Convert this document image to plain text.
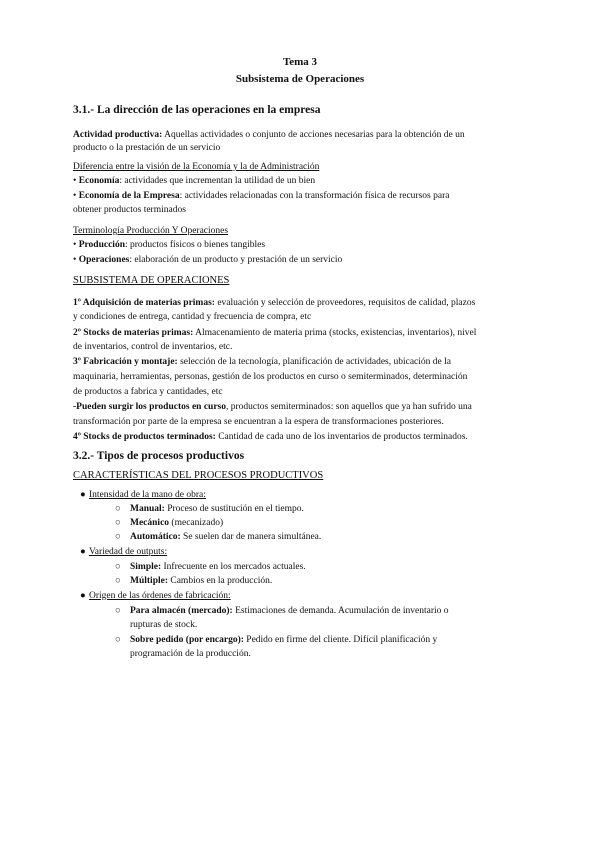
Tema 3
Subsistema de Operaciones
3.1.- La dirección de las operaciones en la empresa
Actividad productiva: Aquellas actividades o conjunto de acciones necesarias para la obtención de un
producto o la prestación de un servicio
Diferencia entre la visión de la Economía y la de Administración
• Economía: actividades que incrementan la utilidad de un bien
• Economía de la Empresa: actividades relacionadas con la transformación física de recursos para
obtener productos terminados
Terminología Producción Y Operaciones
• Producción: productos físicos o bienes tangibles
• Operaciones: elaboración de un producto y prestación de un servicio
SUBSISTEMA DE OPERACIONES
1º Adquisición de materias primas: evaluación y selección de proveedores, requisitos de calidad, plazos
y condiciones de entrega, cantidad y frecuencia de compra, etc
2º Stocks de materias primas: Almacenamiento de materia prima (stocks, existencias, inventarios), nivel
de inventarios, control de inventarios, etc.
3º Fabricación y montaje: selección de la tecnología, planificación de actividades, ubicación de la
maquinaria, herramientas, personas, gestión de los productos en curso o semiterminados, determinación
de productos a fabrica y cantidades, etc
-Pueden surgir los productos en curso, productos semiterminados: son aquellos que ya han sufrido una
transformación por parte de la empresa se encuentran a la espera de transformaciones posteriores.
4º Stocks de productos terminados: Cantidad de cada uno de los inventarios de productos terminados.
3.2.- Tipos de procesos productivos
CARACTERÍSTICAS DEL PROCESOS PRODUCTIVOS
● Intensidad de la mano de obra:
○ Manual: Proceso de sustitución en el tiempo.
○ Mecánico (mecanizado)
○ Automático: Se suelen dar de manera simultánea.
● Variedad de outputs:
○ Simple: Infrecuente en los mercados actuales.
○ Múltiple: Cambios en la producción.
● Origen de las órdenes de fabricación:
○ Para almacén (mercado): Estimaciones de demanda. Acumulación de inventario o
rupturas de stock.
○ Sobre pedido (por encargo): Pedido en firme del cliente. Difícil planificación y
programación de la producción.
